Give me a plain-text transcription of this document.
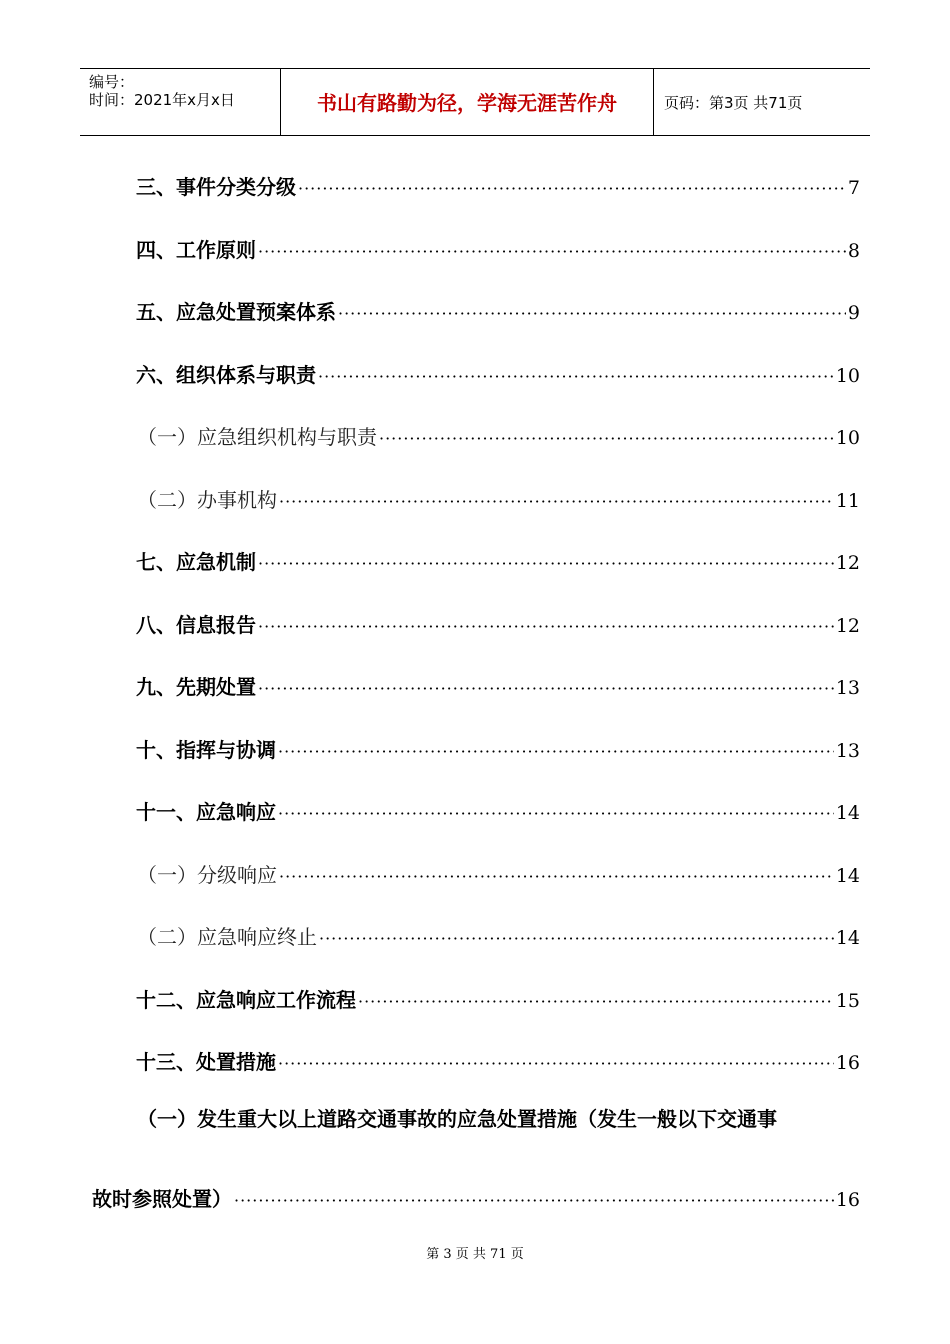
编号：
时间：2021年x月x日	书山有路勤为径，学海无涯苦作舟	页码：第3页 共71页
三、事件分类分级 ·····	7
四、工作原则 ·····	8
五、应急处置预案体系 ·····	9
六、组织体系与职责 ·····	10
（一）应急组织机构与职责 ·····	10
（二）办事机构 ·····	11
七、应急机制 ·····	12
八、信息报告 ·····	12
九、先期处置 ·····	13
十、指挥与协调 ·····	13
十一、应急响应 ·····	14
（一）分级响应 ·····	14
（二）应急响应终止 ·····	14
十二、应急响应工作流程 ·····	15
十三、处置措施 ·····	16
（一）发生重大以上道路交通事故的应急处置措施（发生一般以下交通事
故时参照处置） ·····	16
第 3 页 共 71 页
